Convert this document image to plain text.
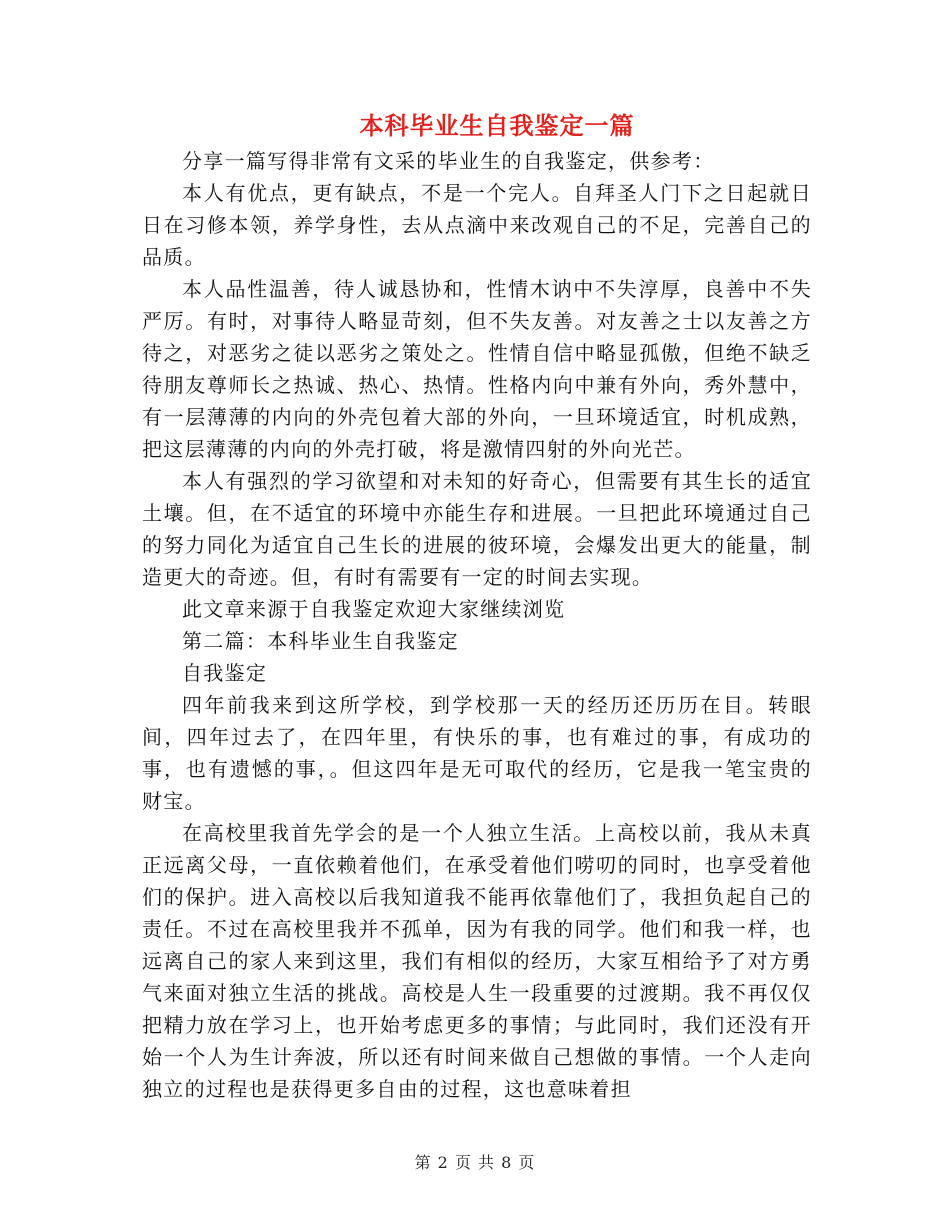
本科毕业生自我鉴定一篇

分享一篇写得非常有文采的毕业生的自我鉴定，供参考：

本人有优点，更有缺点，不是一个完人。自拜圣人门下之日起就日日在习修本领，养学身性，去从点滴中来改观自己的不足，完善自己的品质。

本人品性温善，待人诚恳协和，性情木讷中不失淳厚，良善中不失严厉。有时，对事待人略显苛刻，但不失友善。对友善之士以友善之方待之，对恶劣之徒以恶劣之策处之。性情自信中略显孤傲，但绝不缺乏待朋友尊师长之热诚、热心、热情。性格内向中兼有外向，秀外慧中，有一层薄薄的内向的外壳包着大部的外向，一旦环境适宜，时机成熟，把这层薄薄的内向的外壳打破，将是激情四射的外向光芒。

本人有强烈的学习欲望和对未知的好奇心，但需要有其生长的适宜土壤。但，在不适宜的环境中亦能生存和进展。一旦把此环境通过自己的努力同化为适宜自己生长的进展的彼环境，会爆发出更大的能量，制造更大的奇迹。但，有时有需要有一定的时间去实现。

此文章来源于自我鉴定欢迎大家继续浏览

第二篇：本科毕业生自我鉴定

自我鉴定

四年前我来到这所学校，到学校那一天的经历还历历在目。转眼间，四年过去了，在四年里，有快乐的事，也有难过的事，有成功的事，也有遗憾的事，。但这四年是无可取代的经历，它是我一笔宝贵的财宝。

在高校里我首先学会的是一个人独立生活。上高校以前，我从未真正远离父母，一直依赖着他们，在承受着他们唠叨的同时，也享受着他们的保护。进入高校以后我知道我不能再依靠他们了，我担负起自己的责任。不过在高校里我并不孤单，因为有我的同学。他们和我一样，也远离自己的家人来到这里，我们有相似的经历，大家互相给予了对方勇气来面对独立生活的挑战。高校是人生一段重要的过渡期。我不再仅仅把精力放在学习上，也开始考虑更多的事情；与此同时，我们还没有开始一个人为生计奔波，所以还有时间来做自己想做的事情。一个人走向独立的过程也是获得更多自由的过程，这也意味着担

第 2 页 共 8 页
